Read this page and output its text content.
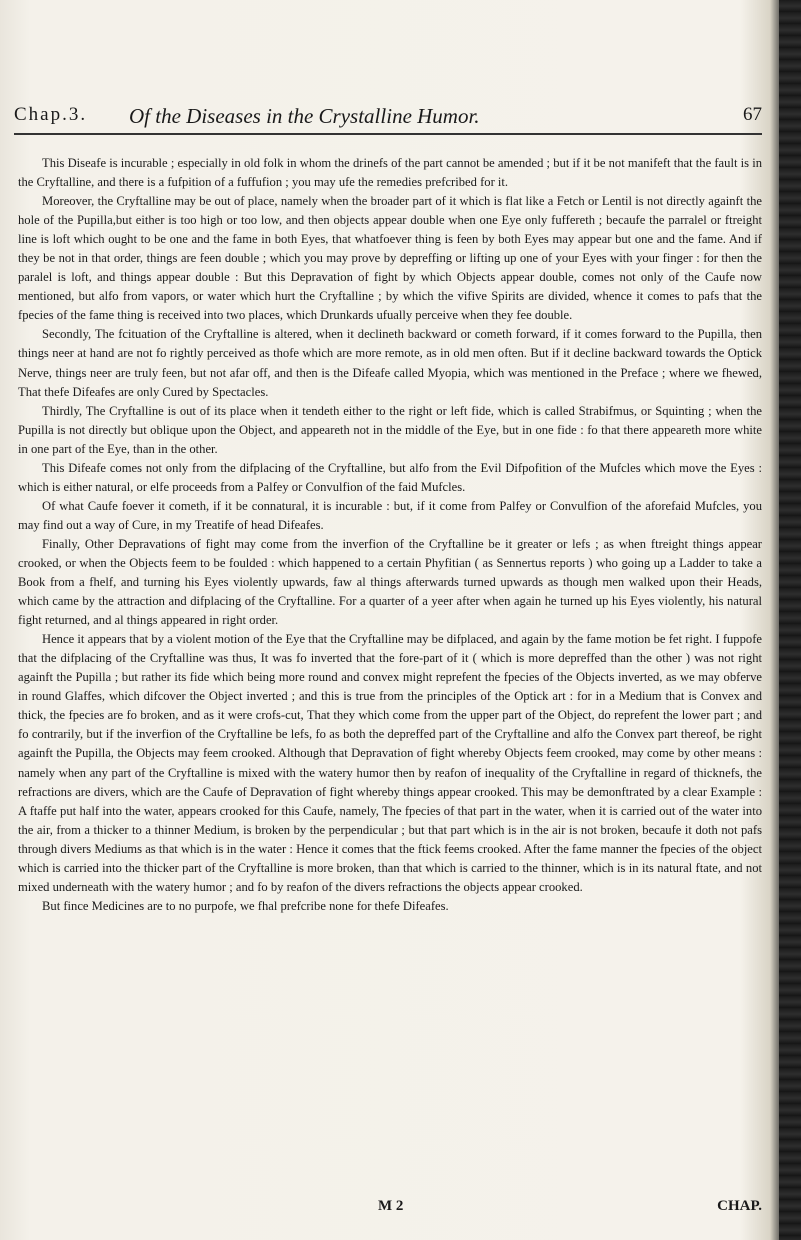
Chap.3. Of the Diseases in the Crystalline Humor.	67

This Diseafe is incurable ; especially in old folk in whom the drinefs of the part cannot be amended ; but if it be not manifeft that the fault is in the Cryftalline, and there is a fufpition of a fuffufion ; you may ufe the remedies prefcribed for it.

Moreover, the Cryftalline may be out of place, namely when the broader part of it which is flat like a Fetch or Lentil is not directly againft the hole of the Pupilla,but either is too high or too low, and then objects appear double when one Eye only fuffereth ; becaufe the parralel or ftreight line is loft which ought to be one and the fame in both Eyes, that whatfoever thing is feen by both Eyes may appear but one and the fame. And if they be not in that order, things are feen double ; which you may prove by depreffing or lifting up one of your Eyes with your finger : for then the paralel is loft, and things appear double : But this Depravation of fight by which Objects appear double, comes not only of the Caufe now mentioned, but alfo from vapors, or water which hurt the Cryftalline ; by which the vifive Spirits are divided, whence it comes to pafs that the fpecies of the fame thing is received into two places, which Drunkards ufually perceive when they fee double.

Secondly, The fcituation of the Cryftalline is altered, when it declineth backward or cometh forward, if it comes forward to the Pupilla, then things neer at hand are not fo rightly perceived as thofe which are more remote, as in old men often. But if it decline backward towards the Optick Nerve, things neer are truly feen, but not afar off, and then is the Difeafe called Myopia, which was mentioned in the Preface ; where we fhewed, That thefe Difeafes are only Cured by Spectacles.

Thirdly, The Cryftalline is out of its place when it tendeth either to the right or left fide, which is called Strabifmus, or Squinting ; when the Pupilla is not directly but oblique upon the Object, and appeareth not in the middle of the Eye, but in one fide : fo that there appeareth more white in one part of the Eye, than in the other.

This Difeafe comes not only from the difplacing of the Cryftalline, but alfo from the Evil Difpofition of the Mufcles which move the Eyes : which is either natural, or elfe proceeds from a Palfey or Convulfion of the faid Mufcles.

Of what Caufe foever it cometh, if it be connatural, it is incurable : but, if it come from Palfey or Convulfion of the aforefaid Mufcles, you may find out a way of Cure, in my Treatife of head Difeafes.

Finally, Other Depravations of fight may come from the inverfion of the Cryftalline be it greater or lefs ; as when ftreight things appear crooked, or when the Objects feem to be foulded : which happened to a certain Phyfitian ( as Sennertus reports ) who going up a Ladder to take a Book from a fhelf, and turning his Eyes violently upwards, faw al things afterwards turned upwards as though men walked upon their Heads, which came by the attraction and difplacing of the Cryftalline. For a quarter of a yeer after when again he turned up his Eyes violently, his natural fight returned, and al things appeared in right order.

Hence it appears that by a violent motion of the Eye that the Cryftalline may be difplaced, and again by the fame motion be fet right. I fuppofe that the difplacing of the Cryftalline was thus, It was fo inverted that the fore-part of it ( which is more depreffed than the other ) was not right againft the Pupilla ; but rather its fide which being more round and convex might reprefent the fpecies of the Objects inverted, as we may obferve in round Glaffes, which difcover the Object inverted ; and this is true from the principles of the Optick art : for in a Medium that is Convex and thick, the fpecies are fo broken, and as it were crofs-cut, That they which come from the upper part of the Object, do reprefent the lower part ; and fo contrarily, but if the inverfion of the Cryftalline be lefs, fo as both the depreffed part of the Cryftalline and alfo the Convex part thereof, be right againft the Pupilla, the Objects may feem crooked. Although that Depravation of fight whereby Objects feem crooked, may come by other means : namely when any part of the Cryftalline is mixed with the watery humor then by reafon of inequality of the Cryftalline in regard of thicknefs, the refractions are divers, which are the Caufe of Depravation of fight whereby things appear crooked. This may be demonftrated by a clear Example : A ftaffe put half into the water, appears crooked for this Caufe, namely, The fpecies of that part in the water, when it is carried out of the water into the air, from a thicker to a thinner Medium, is broken by the perpendicular ; but that part which is in the air is not broken, becaufe it doth not pafs through divers Mediums as that which is in the water : Hence it comes that the ftick feems crooked. After the fame manner the fpecies of the object which is carried into the thicker part of the Cryftalline is more broken, than that which is carried to the thinner, which is in its natural ftate, and not mixed underneath with the watery humor ; and fo by reafon of the divers refractions the objects appear crooked.

But fince Medicines are to no purpofe, we fhal prefcribe none for thefe Difeafes.

M 2	CHAP.
